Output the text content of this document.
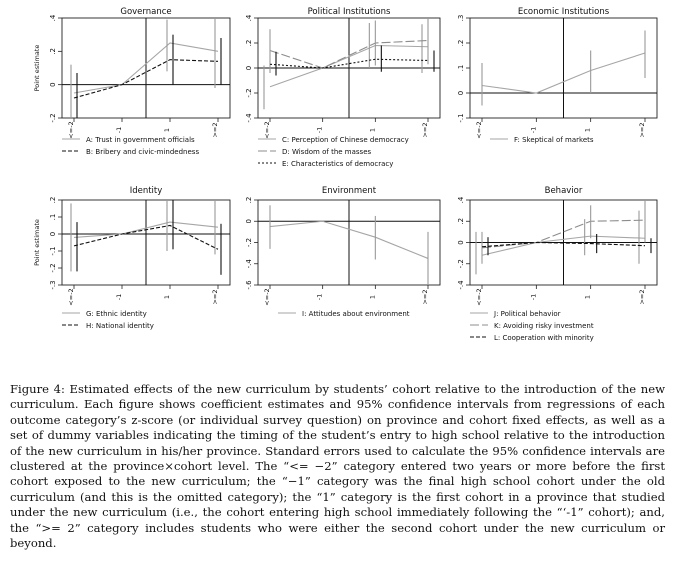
Governance
-.2
0
.2
.4
Point estimate
<=-2	-1	1	>=2
A: Trust in government officials
B: Bribery and civic-mindedness
Political Institutions
-.4
-.2
0
.2
.4
<=-2	-1	1	>=2
C: Perception of Chinese democracy
D: Wisdom of the masses
E: Characteristics of democracy
Economic Institutions
-.1
0
.1
.2
.3
<=-2	-1	1	>=2
F: Skeptical of markets
Identity
-.3
-.2
-.1
0
.1
.2
Point estimate
<=-2	-1	1	>=2
G: Ethnic identity
H: National identity
Environment
-.6
-.4
-.2
0
.2
<=-2	-1	1	>=2
I: Attitudes about environment
Behavior
-.4
-.2
0
.2
.4
<=-2	-1	1	>=2
J: Political behavior
K: Avoiding risky investment
L: Cooperation with minority
Figure 4: Estimated effects of the new curriculum by students’ cohort relative to the introduction of the new curriculum. Each figure shows coefficient estimates and 95% confidence intervals from regressions of each outcome category’s z-score (or individual survey question) on province and cohort fixed effects, as well as a set of dummy variables indicating the timing of the student’s entry to high school relative to the introduction of the new curriculum in his/her province. Standard errors used to calculate the 95% confidence intervals are clustered at the province×cohort level. The “<= −2” category entered two years or more before the first cohort exposed to the new curriculum; the “−1” category was the final high school cohort under the old curriculum (and this is the omitted category); the “1” category is the first cohort in a province that studied under the new curriculum (i.e., the cohort entering high school immediately following the “‘-1” cohort); and, the “>= 2” category includes students who were either the second cohort under the new curriculum or beyond.
